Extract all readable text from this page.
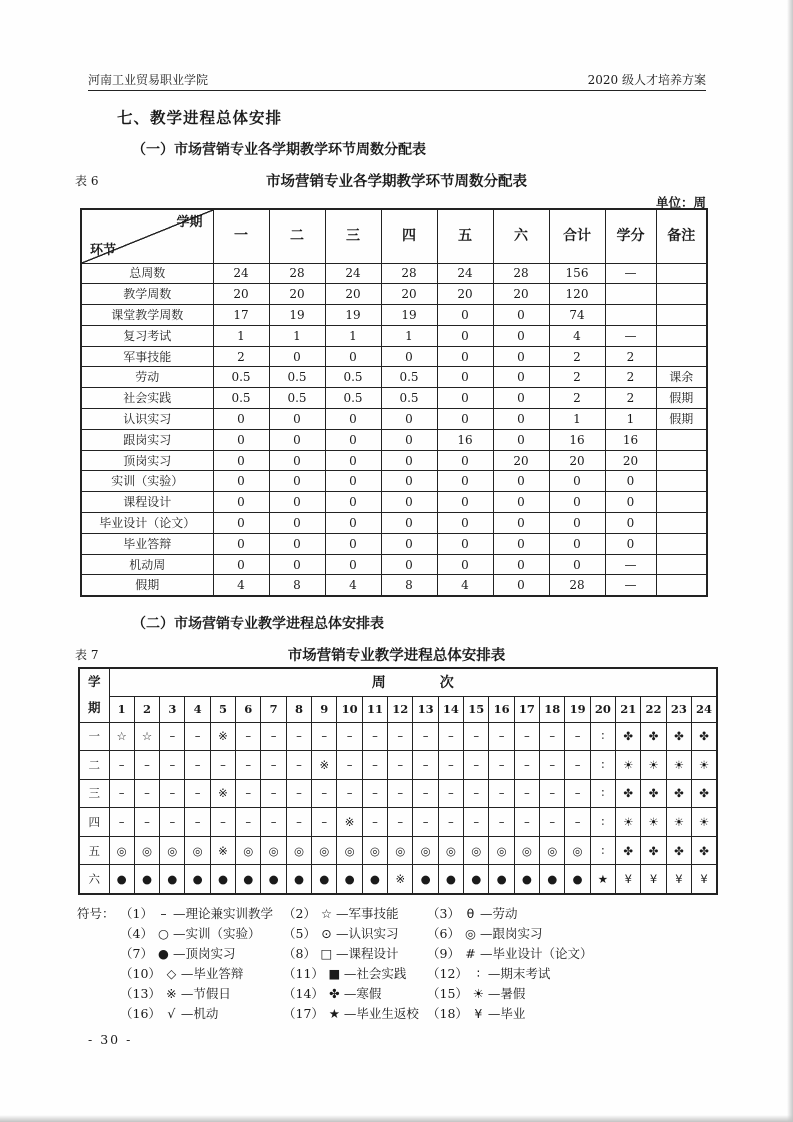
河南工业贸易职业学院	2020 级人才培养方案
七、教学进程总体安排
（一）市场营销专业各学期教学环节周数分配表
表 6	市场营销专业各学期教学环节周数分配表
单位：周
学期
环节	一	二	三	四	五	六	合计	学分	备注
总周数	24	28	24	28	24	28	156	—	
教学周数	20	20	20	20	20	20	120		
课堂教学周数	17	19	19	19	0	0	74		
复习考试	1	1	1	1	0	0	4	—	
军事技能	2	0	0	0	0	0	2	2	
劳动	0.5	0.5	0.5	0.5	0	0	2	2	课余
社会实践	0.5	0.5	0.5	0.5	0	0	2	2	假期
认识实习	0	0	0	0	0	0	1	1	假期
跟岗实习	0	0	0	0	16	0	16	16	
顶岗实习	0	0	0	0	0	20	20	20	
实训（实验）	0	0	0	0	0	0	0	0	
课程设计	0	0	0	0	0	0	0	0	
毕业设计（论文）	0	0	0	0	0	0	0	0	
毕业答辩	0	0	0	0	0	0	0	0	
机动周	0	0	0	0	0	0	0	—	
假期	4	8	4	8	4	0	28	—	
（二）市场营销专业教学进程总体安排表
表 7	市场营销专业教学进程总体安排表
学期	周次																							
	1	2	3	4	5	6	7	8	9	10	11	12	13	14	15	16	17	18	19	20	21	22	23	24
一	☆	☆	–	–	※	–	–	–	–	–	–	–	–	–	–	–	–	–	–	∶	✤	✤	✤	✤
二	–	–	–	–	–	–	–	–	※	–	–	–	–	–	–	–	–	–	–	∶	☀	☀	☀	☀
三	–	–	–	–	※	–	–	–	–	–	–	–	–	–	–	–	–	–	–	∶	✤	✤	✤	✤
四	–	–	–	–	–	–	–	–	–	※	–	–	–	–	–	–	–	–	–	∶	☀	☀	☀	☀
五	◎	◎	◎	◎	※	◎	◎	◎	◎	◎	◎	◎	◎	◎	◎	◎	◎	◎	◎	∶	✤	✤	✤	✤
六	●	●	●	●	●	●	●	●	●	●	●	※	●	●	●	●	●	●	●	★	¥	¥	¥	¥
符号： （1） – —理论兼实训教学 （2） ☆ —军事技能 （3） θ —劳动
（4） ○ —实训（实验） （5） ⊙ —认识实习 （6） ◎ —跟岗实习
（7） ● —顶岗实习	（8） □ —课程设计 （9） # —毕业设计（论文）
（10） ◇ —毕业答辩	（11） ■ —社会实践 （12） ∶ —期末考试
（13） ※ —节假日	（14） ✤ —寒假	（15） ☀ —暑假
（16） √ —机动	（17） ★ —毕业生返校 （18） ¥ —毕业
- 30 -
